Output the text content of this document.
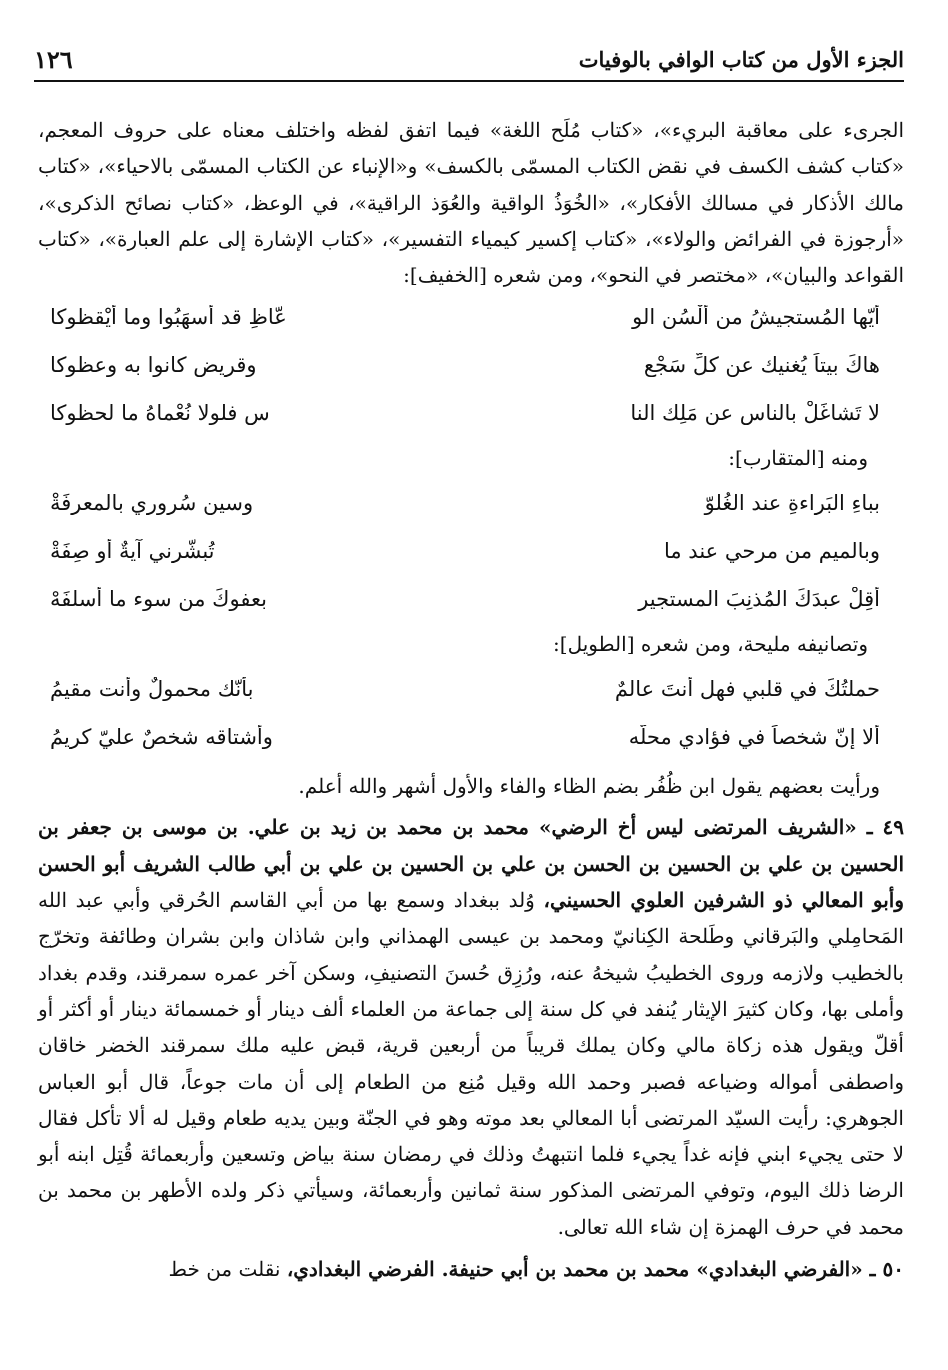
الجزء الأول من كتاب الوافي بالوفيات
١٢٦

الجرىء على معاقبة البريء»، «كتاب مُلَح اللغة» فيما اتفق لفظه واختلف معناه على حروف المعجم، «كتاب كشف الكسف في نقض الكتاب المسمّى بالكسف» و«الإنباء عن الكتاب المسمّى بالاحياء»، «كتاب مالك الأذكار في مسالك الأفكار»، «الخُوَذُ الواقية والعُوَذ الراقية»، في الوعظ، «كتاب نصائح الذكرى»، «أرجوزة في الفرائض والولاء»، «كتاب إكسير كيمياء التفسير»، «كتاب الإشارة إلى علم العبارة»، «كتاب القواعد والبيان»، «مختصر في النحو»، ومن شعره [الخفيف]:

أيّها المُستجيشُ من ألْسُنِ الو
عّاظِ قد أسهَبُوا وما أيْقظوكا
هاكَ بيتاً يُغنيك عن كلِّ سَجْعٍ
وقريض كانوا به وعظوكا
لا تَشاغَلْ بالناسِ عن مَلِك النا
سِ فلولا نُعْماهُ ما لحظوكا
ومنه [المتقارب]:
بباءِ البَراءةِ عند الغُلوّ
وسينِ سُروري بالمعرفَةْ
وبالميم من مرحي عند ما
تُبشّرني آيةٌ أو صِفَةْ
أقِلْ عبدَكَ المُذنِبَ المستجير
بعفوكَ من سوء ما أسلفَهْ
وتصانيفه مليحة، ومن شعره [الطويل]:
حملتُكَ في قلبي فهل أنتَ عالمٌ
بأنّك محمولٌ وأنت مقيمُ
ألا إنّ شخصاً في فؤادي محلّه
وأشتاقه شخصٌ عليّ كريمُ
ورأيت بعضهم يقول ابن ظُفُر بضم الظاء والفاء والأول أشهر والله أعلم.

٤٩ ـ «الشريف المرتضى ليس أخ الرضي» محمد بن محمد بن زيد بن علي. بن موسى بن جعفر بن الحسين بن علي بن الحسين بن الحسن بن علي بن الحسين بن علي بن أبي طالب الشريف أبو الحسن وأبو المعالي ذو الشرفين العلوي الحسيني، وُلد ببغداد وسمع بها من أبي القاسم الحُرقي وأبي عبد الله المَحامِلي والبَرقاني وطَلحة الكِنانيّ ومحمد بن عيسى الهمذاني وابن شاذان وابن بشران وطائفة وتخرّج بالخطيب ولازمه وروى الخطيبُ شيخهُ عنه، ورُزِق حُسنَ التصنيفِ، وسكن آخر عمره سمرقند، وقدم بغداد وأملى بها، وكان كثيرَ الإيثار يُنفد في كل سنة إلى جماعة من العلماء ألف دينار أو خمسمائة دينار أو أكثر أو أقلّ ويقول هذه زكاة مالي وكان يملك قريباً من أربعين قرية، قبض عليه ملك سمرقند الخضر خاقان واصطفى أمواله وضياعه فصبر وحمد الله وقيل مُنِع من الطعام إلى أن مات جوعاً، قال أبو العباس الجوهري: رأيت السيّد المرتضى أبا المعالي بعد موته وهو في الجنّة وبين يديه طعام وقيل له ألا تأكل فقال لا حتى يجيء ابني فإنه غداً يجيء فلما انتبهتُ وذلك في رمضان سنة بياض وتسعين وأربعمائة قُتِل ابنه أبو الرضا ذلك اليوم، وتوفي المرتضى المذكور سنة ثمانين وأربعمائة، وسيأتي ذكر ولده الأطهر بن محمد بن محمد في حرف الهمزة إن شاء الله تعالى.

٥٠ ـ «الفرضي البغدادي» محمد بن محمد بن أبي حنيفة. الفرضي البغدادي، نقلت من خط
